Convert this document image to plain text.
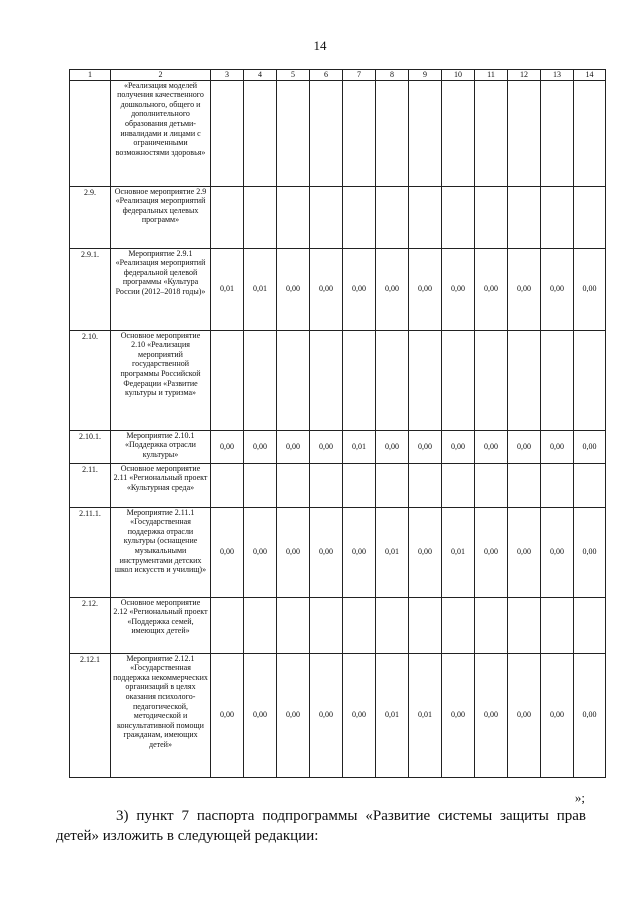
14
1	2	3	4	5	6	7	8	9	10	11	12	13	14
	«Реализация моделей получения качественного дошкольного, общего и дополнительного образования детьми-инвалидами и лицами с ограниченными возможностями здоровья»												
2.9.	Основное мероприятие 2.9 «Реализация мероприятий федеральных целевых программ»												
2.9.1.	Мероприятие 2.9.1 «Реализация мероприятий федеральной целевой программы «Культура России (2012–2018 годы)»	0,01	0,01	0,00	0,00	0,00	0,00	0,00	0,00	0,00	0,00	0,00	0,00
2.10.	Основное мероприятие 2.10 «Реализация мероприятий государственной программы Российской Федерации «Развитие культуры и туризма»												
2.10.1.	Мероприятие 2.10.1 «Поддержка отрасли культуры»	0,00	0,00	0,00	0,00	0,01	0,00	0,00	0,00	0,00	0,00	0,00	0,00
2.11.	Основное мероприятие 2.11 «Региональный проект «Культурная среда»												
2.11.1.	Мероприятие 2.11.1 «Государственная поддержка отрасли культуры (оснащение музыкальными инструментами детских школ искусств и училищ)»	0,00	0,00	0,00	0,00	0,00	0,01	0,00	0,01	0,00	0,00	0,00	0,00
2.12.	Основное мероприятие 2.12 «Региональный проект «Поддержка семей, имеющих детей»												
2.12.1	Мероприятие 2.12.1 «Государственная поддержка некоммерческих организаций в целях оказания психолого-педагогической, методической и консультативной помощи гражданам, имеющих детей»	0,00	0,00	0,00	0,00	0,00	0,01	0,01	0,00	0,00	0,00	0,00	0,00
»;
3) пункт 7 паспорта подпрограммы «Развитие системы защиты прав детей» изложить в следующей редакции:
